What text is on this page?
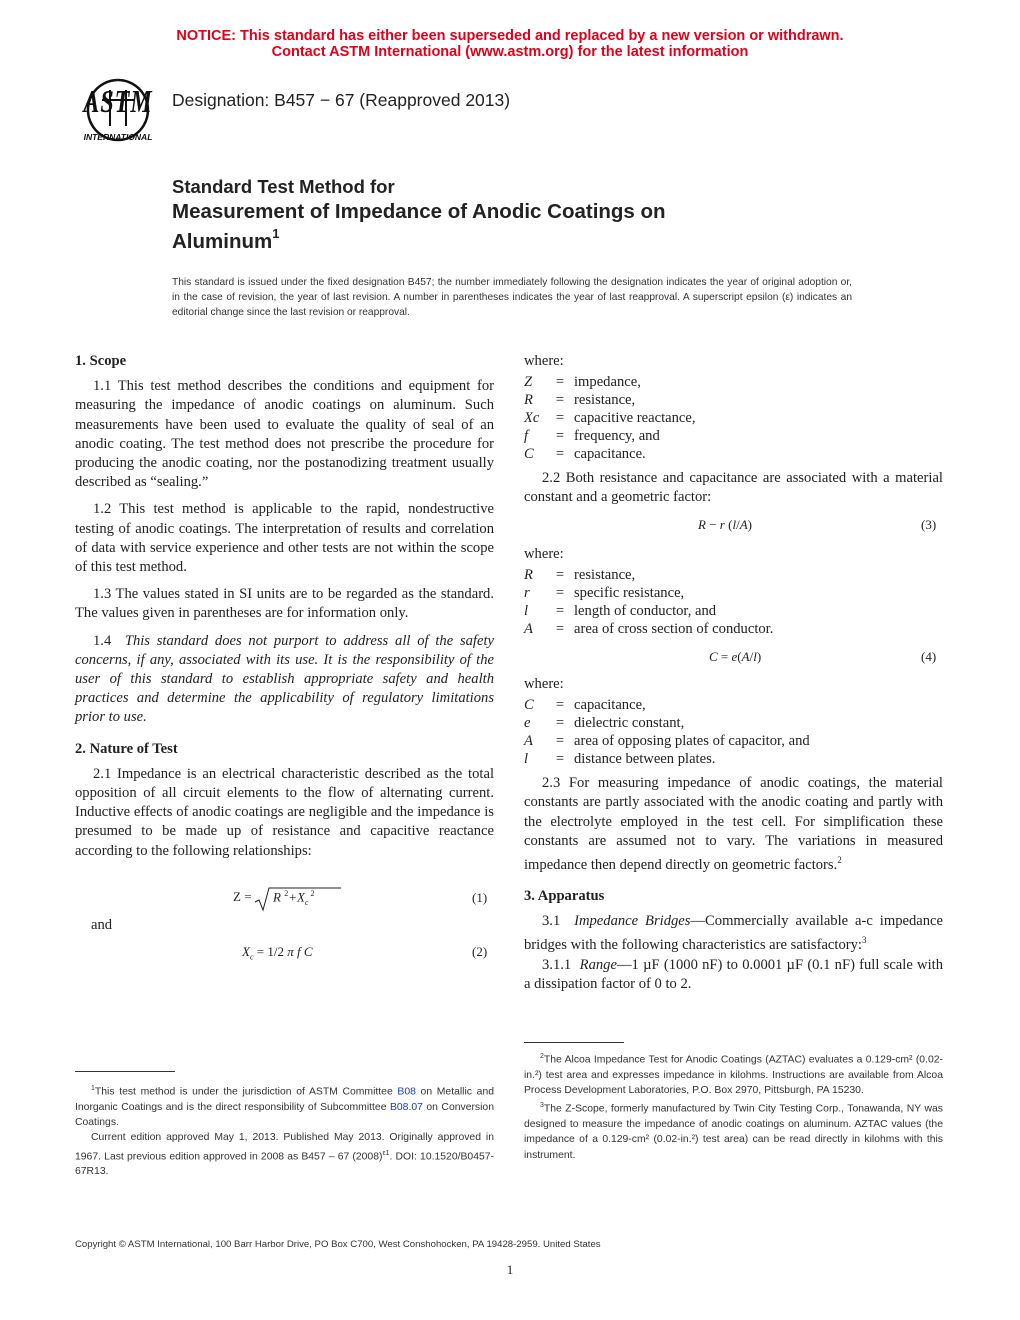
NOTICE: This standard has either been superseded and replaced by a new version or withdrawn.
Contact ASTM International (www.astm.org) for the latest information
ASTM
INTERNATIONAL
Designation: B457 − 67 (Reapproved 2013)
Standard Test Method for
Measurement of Impedance of Anodic Coatings on
Aluminum$^1$
This standard is issued under the fixed designation B457; the number immediately following the designation indicates the year of original adoption or, in the case of revision, the year of last revision. A number in parentheses indicates the year of last reapproval. A superscript epsilon (ε) indicates an editorial change since the last revision or reapproval.
1. Scope

1.1 This test method describes the conditions and equipment for measuring the impedance of anodic coatings on aluminum. Such measurements have been used to evaluate the quality of seal of an anodic coating. The test method does not prescribe the procedure for producing the anodic coating, nor the postanodizing treatment usually described as “sealing.”

1.2 This test method is applicable to the rapid, nondestructive testing of anodic coatings. The interpretation of results and correlation of data with service experience and other tests are not within the scope of this test method.

1.3 The values stated in SI units are to be regarded as the standard. The values given in parentheses are for information only.

1.4 This standard does not purport to address all of the safety concerns, if any, associated with its use. It is the responsibility of the user of this standard to establish appropriate safety and health practices and determine the applicability of regulatory limitations prior to use.

2. Nature of Test

2.1 Impedance is an electrical characteristic described as the total opposition of all circuit elements to the flow of alternating current. Inductive effects of anodic coatings are negligible and the impedance is presumed to be made up of resistance and capacitive reactance according to the following relationships:

Z = R $^2+X_c$ $^2$	(1)
and
$X_c = 1/2$ π f C	(2)

$^1$This test method is under the jurisdiction of ASTM Committee B08 on Metallic and Inorganic Coatings and is the direct responsibility of Subcommittee B08.07 on Conversion Coatings.

Current edition approved May 1, 2013. Published May 2013. Originally approved in 1967. Last previous edition approved in 2008 as B457 – 67 $(2008)^{\varepsilon 1}$. DOI: 10.1520/B0457-67R13.

where:
Z	= impedance,
R	= resistance,
Xc	= capacitive reactance,
f	= frequency, and
C	= capacitance.

2.2 Both resistance and capacitance are associated with a material constant and a geometric factor:

R − r (l/A)	(3)
where:
R	= resistance,
r	= specific resistance,
l	= length of conductor, and
A	= area of cross section of conductor.
C = e(A/l)	(4)
where:
C	= capacitance,
e	= dielectric constant,
A	= area of opposing plates of capacitor, and
l	= distance between plates.

2.3 For measuring impedance of anodic coatings, the material constants are partly associated with the anodic coating and partly with the electrolyte employed in the test cell. For simplification these constants are assumed not to vary. The variations in measured impedance then depend directly on geometric factors.$^2$

3. Apparatus

3.1 Impedance Bridges—Commercially available a-c impedance bridges with the following characteristics are satisfactory:$^3$

3.1.1 Range—1 µF (1000 nF) to 0.0001 µF (0.1 nF) full scale with a dissipation factor of 0 to 2.

$^2$The Alcoa Impedance Test for Anodic Coatings (AZTAC) evaluates a 0.129-cm² (0.02-in.²) test area and expresses impedance in kilohms. Instructions are available from Alcoa Process Development Laboratories, P.O. Box 2970, Pittsburgh, PA 15230.

$^3$The Z-Scope, formerly manufactured by Twin City Testing Corp., Tonawanda, NY was designed to measure the impedance of anodic coatings on aluminum. AZTAC values (the impedance of a 0.129-cm² (0.02-in.²) test area) can be read directly in kilohms with this instrument.

Copyright © ASTM International, 100 Barr Harbor Drive, PO Box C700, West Conshohocken, PA 19428-2959. United States
1
